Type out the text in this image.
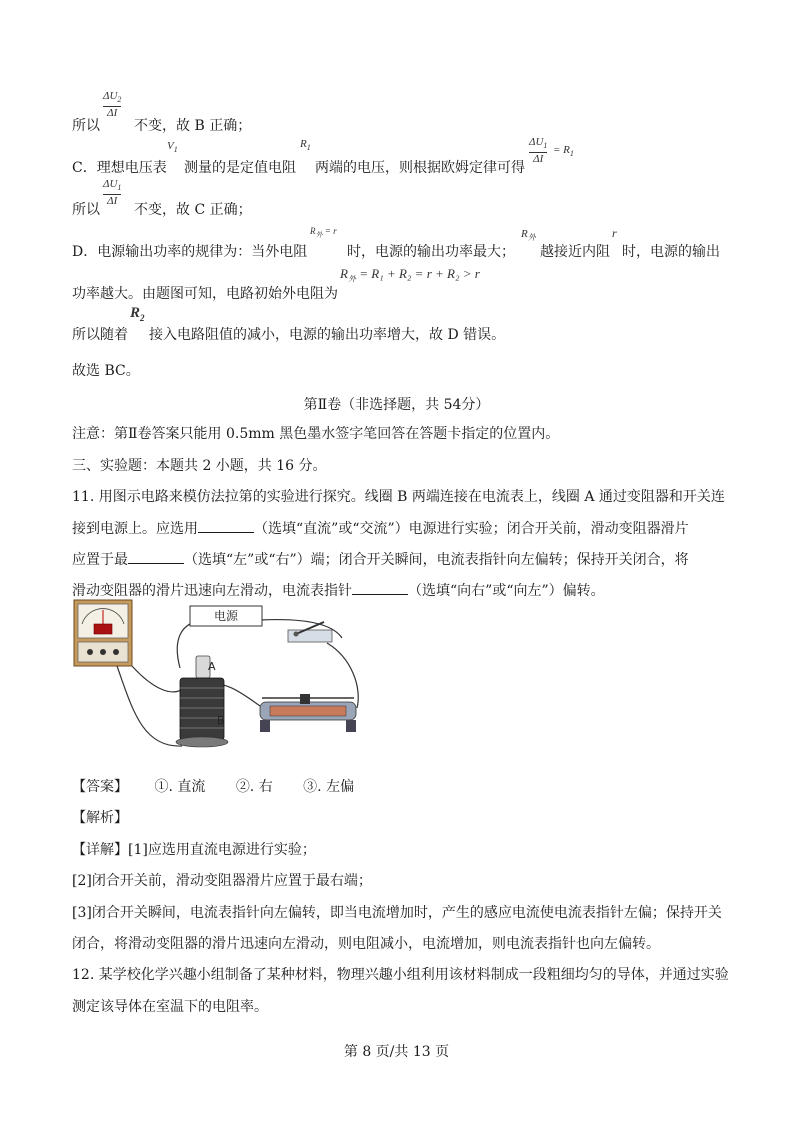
$\Delta U_2$
ΔI
所以 不变，故 B 正确；
$V_1$	$R_1$	$\Delta U_1$
ΔI
= $R_1$
C．理想电压表 测量的是定值电阻 两端的电压，则根据欧姆定律可得
$\Delta U_1$
ΔI
所以 不变，故 C 正确；
$R_外 = r$	$R_外$	r
D．电源输出功率的规律为：当外电阻	时，电源的输出功率最大； 越接近内阻 时，电源的输出
$R_外 = R_1 + R_2 = r + R_2 > r$
功率越大。由题图可知，电路初始外电阻为
$R_2$
所以随着 接入电路阻值的减小，电源的输出功率增大，故 D 错误。
故选 BC。
第Ⅱ卷（非选择题，共 54分）
注意：第Ⅱ卷答案只能用 0.5mm 黑色墨水签字笔回答在答题卡指定的位置内。
三、实验题：本题共 2 小题，共 16 分。
11. 用图示电路来模仿法拉第的实验进行探究。线圈 B 两端连接在电流表上，线圈 A 通过变阻器和开关连
接到电源上。应选用	（选填“直流”或“交流”）电源进行实验；闭合开关前，滑动变阻器滑片
应置于最	（选填“左”或“右”）端；闭合开关瞬间，电流表指针向左偏转；保持开关闭合，将
滑动变阻器的滑片迅速向左滑动，电流表指针	（选填“向右”或“向左”）偏转。
电源
A
B
【答案】 ①. 直流 ②. 右 ③. 左偏
【解析】
【详解】[1]应选用直流电源进行实验；
[2]闭合开关前，滑动变阻器滑片应置于最右端；
[3]闭合开关瞬间，电流表指针向左偏转，即当电流增加时，产生的感应电流使电流表指针左偏；保持开关
闭合，将滑动变阻器的滑片迅速向左滑动，则电阻减小，电流增加，则电流表指针也向左偏转。
12. 某学校化学兴趣小组制备了某种材料，物理兴趣小组利用该材料制成一段粗细均匀的导体，并通过实验
测定该导体在室温下的电阻率。
第 8 页/共 13 页
